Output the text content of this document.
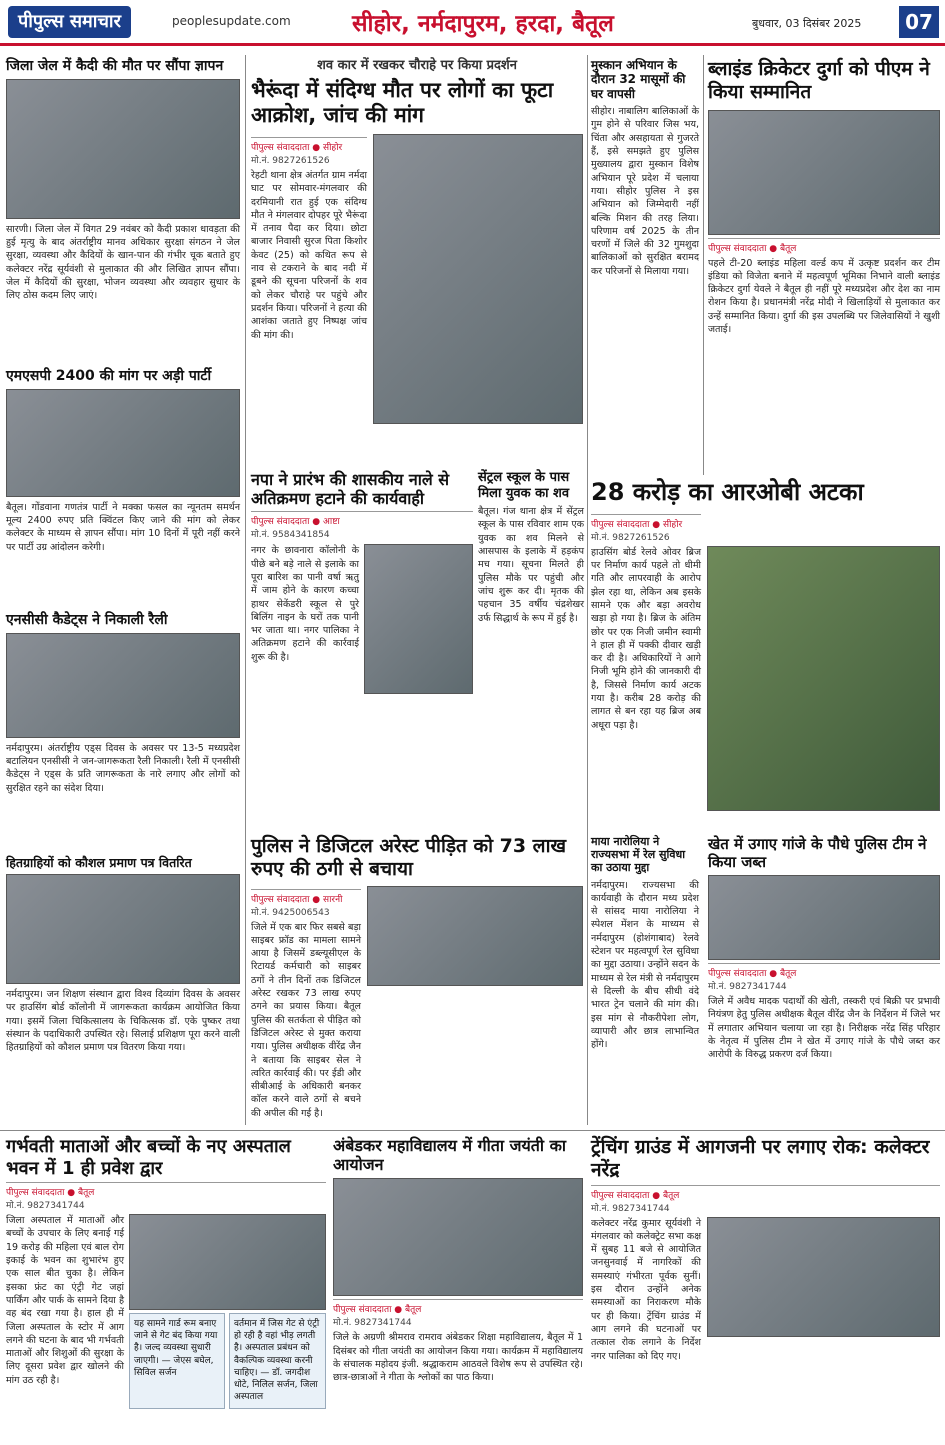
पीपुल्स समाचार	peoplesupdate.com	सीहोर, नर्मदापुरम, हरदा, बैतूल	बुधवार, 03 दिसंबर 2025	07
जिला जेल में कैदी की मौत पर सौंपा ज्ञापन
सारणी। जिला जेल में विगत 29 नवंबर को कैदी प्रकाश धावड़ता की हुई मृत्यु के बाद अंतर्राष्ट्रीय मानव अधिकार सुरक्षा संगठन ने जेल सुरक्षा, व्यवस्था और कैदियों के खान-पान की गंभीर चूक बताते हुए कलेक्टर नरेंद्र सूर्यवंशी से मुलाकात की और लिखित ज्ञापन सौंपा। जेल में कैदियों की सुरक्षा, भोजन व्यवस्था और व्यवहार सुधार के लिए ठोस कदम लिए जाएं।
एमएसपी 2400 की मांग पर अड़ी पार्टी
बैतूल। गोंडवाना गणतंत्र पार्टी ने मक्का फसल का न्यूनतम समर्थन मूल्य 2400 रुपए प्रति क्विंटल किए जाने की मांग को लेकर कलेक्टर के माध्यम से ज्ञापन सौंपा। मांग 10 दिनों में पूरी नहीं करने पर पार्टी उग्र आंदोलन करेगी।
एनसीसी कैडेट्स ने निकाली रैली
नर्मदापुरम। अंतर्राष्ट्रीय एड्स दिवस के अवसर पर 13-5 मध्यप्रदेश बटालियन एनसीसी ने जन-जागरूकता रैली निकाली। रैली में एनसीसी कैडेट्स ने एड्स के प्रति जागरूकता के नारे लगाए और लोगों को सुरक्षित रहने का संदेश दिया।
हितग्राहियों को कौशल प्रमाण पत्र वितरित
नर्मदापुरम। जन शिक्षण संस्थान द्वारा विश्व दिव्यांग दिवस के अवसर पर हाउसिंग बोर्ड कॉलोनी में जागरूकता कार्यक्रम आयोजित किया गया। इसमें जिला चिकित्सालय के चिकित्सक डॉ. एके पुष्कर तथा संस्थान के पदाधिकारी उपस्थित रहे। सिलाई प्रशिक्षण पूरा करने वाली हितग्राहियों को कौशल प्रमाण पत्र वितरण किया गया।
शव कार में रखकर चौराहे पर किया प्रदर्शन
भैरूंदा में संदिग्ध मौत पर लोगों का फूटा आक्रोश, जांच की मांग
पीपुल्स संवाददाता ● सीहोर
मो.नं. 9827261526
रेहटी थाना क्षेत्र अंतर्गत ग्राम नर्मदा घाट पर सोमवार-मंगलवार की दरमियानी रात हुई एक संदिग्ध मौत ने मंगलवार दोपहर पूरे भैरूंदा में तनाव पैदा कर दिया। छोटा बाजार निवासी सुरज पिता किशोर केवट (25) को कथित रूप से नाव से टकराने के बाद नदी में डूबने की सूचना परिजनों के शव को लेकर चौराहे पर पहुंचे और प्रदर्शन किया। परिजनों ने हत्या की आशंका जताते हुए निष्पक्ष जांच की मांग की।
नपा ने प्रारंभ की शासकीय नाले से अतिक्रमण हटाने की कार्यवाही
पीपुल्स संवाददाता ● आष्टा
मो.नं. 9584341854
नगर के छावनारा कॉलोनी के पीछे बने बड़े नाले से इलाके का पूरा बारिश का पानी वर्षा ऋतु में जाम होने के कारण कच्चा हाथर सेकेंडरी स्कूल से पुरे बिलिंग नाइन के घरों तक पानी भर जाता था। नगर पालिका ने अतिक्रमण हटाने की कार्रवाई शुरू की है।
सेंट्रल स्कूल के पास मिला युवक का शव
बैतूल। गंज थाना क्षेत्र में सेंट्रल स्कूल के पास रविवार शाम एक युवक का शव मिलने से आसपास के इलाके में हड़कंप मच गया। सूचना मिलते ही पुलिस मौके पर पहुंची और जांच शुरू कर दी। मृतक की पहचान 35 वर्षीय चंद्रशेखर उर्फ सिद्धार्थ के रूप में हुई है।
मुस्कान अभियान के दौरान 32 मासूमों की घर वापसी
सीहोर। नाबालिग बालिकाओं के गुम होने से परिवार जिस भय, चिंता और असहायता से गुजरते हैं, इसे समझते हुए पुलिस मुख्यालय द्वारा मुस्कान विशेष अभियान पूरे प्रदेश में चलाया गया। सीहोर पुलिस ने इस अभियान को जिम्मेदारी नहीं बल्कि मिशन की तरह लिया। परिणाम वर्ष 2025 के तीन चरणों में जिले की 32 गुमशुदा बालिकाओं को सुरक्षित बरामद कर परिजनों से मिलाया गया।
ब्लाइंड क्रिकेटर दुर्गा को पीएम ने किया सम्मानित
पीपुल्स संवाददाता ● बैतूल
पहले टी-20 ब्लाइंड महिला वर्ल्ड कप में उत्कृष्ट प्रदर्शन कर टीम इंडिया को विजेता बनाने में महत्वपूर्ण भूमिका निभाने वाली ब्लाइंड क्रिकेटर दुर्गा येवले ने बैतूल ही नहीं पूरे मध्यप्रदेश और देश का नाम रोशन किया है। प्रधानमंत्री नरेंद्र मोदी ने खिलाड़ियों से मुलाकात कर उन्हें सम्मानित किया। दुर्गा की इस उपलब्धि पर जिलेवासियों ने खुशी जताई।
28 करोड़ का आरओबी अटका
पीपुल्स संवाददाता ● सीहोर
मो.नं. 9827261526
हाउसिंग बोर्ड रेलवे ओवर ब्रिज पर निर्माण कार्य पहले तो धीमी गति और लापरवाही के आरोप झेल रहा था, लेकिन अब इसके सामने एक और बड़ा अवरोध खड़ा हो गया है। ब्रिज के अंतिम छोर पर एक निजी जमीन स्वामी ने हाल ही में पक्की दीवार खड़ी कर दी है। अधिकारियों ने आगे निजी भूमि होने की जानकारी दी है, जिससे निर्माण कार्य अटक गया है। करीब 28 करोड़ की लागत से बन रहा यह ब्रिज अब अधूरा पड़ा है।
पुलिस ने डिजिटल अरेस्ट पीड़ित को 73 लाख रुपए की ठगी से बचाया
पीपुल्स संवाददाता ● सारनी
मो.नं. 9425006543
जिले में एक बार फिर सबसे बड़ा साइबर फ्रॉड का मामला सामने आया है जिसमें डब्ल्यूसीएल के रिटायर्ड कर्मचारी को साइबर ठगों ने तीन दिनों तक डिजिटल अरेस्ट रखकर 73 लाख रुपए ठगने का प्रयास किया। बैतूल पुलिस की सतर्कता से पीड़ित को डिजिटल अरेस्ट से मुक्त कराया गया। पुलिस अधीक्षक वीरेंद्र जैन ने बताया कि साइबर सेल ने त्वरित कार्रवाई की। पर ईडी और सीबीआई के अधिकारी बनकर कॉल करने वाले ठगों से बचने की अपील की गई है।
माया नारोलिया ने राज्यसभा में रेल सुविधा का उठाया मुद्दा
नर्मदापुरम। राज्यसभा की कार्यवाही के दौरान मध्य प्रदेश से सांसद माया नारोलिया ने स्पेशल मेंशन के माध्यम से नर्मदापुरम (होशंगाबाद) रेलवे स्टेशन पर महत्वपूर्ण रेल सुविधा का मुद्दा उठाया। उन्होंने सदन के माध्यम से रेल मंत्री से नर्मदापुरम से दिल्ली के बीच सीधी वंदे भारत ट्रेन चलाने की मांग की। इस मांग से नौकरीपेशा लोग, व्यापारी और छात्र लाभान्वित होंगे।
खेत में उगाए गांजे के पौधे पुलिस टीम ने किया जब्त
पीपुल्स संवाददाता ● बैतूल
मो.नं. 9827341744
जिले में अवैध मादक पदार्थों की खेती, तस्करी एवं बिक्री पर प्रभावी नियंत्रण हेतु पुलिस अधीक्षक बैतूल वीरेंद्र जैन के निर्देशन में जिले भर में लगातार अभियान चलाया जा रहा है। निरीक्षक नरेंद्र सिंह परिहार के नेतृत्व में पुलिस टीम ने खेत में उगाए गांजे के पौधे जब्त कर आरोपी के विरुद्ध प्रकरण दर्ज किया।
गर्भवती माताओं और बच्चों के नए अस्पताल भवन में 1 ही प्रवेश द्वार
पीपुल्स संवाददाता ● बैतूल
मो.नं. 9827341744
जिला अस्पताल में माताओं और बच्चों के उपचार के लिए बनाई गई 19 करोड़ की महिला एवं बाल रोग इकाई के भवन का शुभारंभ हुए एक साल बीत चुका है। लेकिन इसका फ्रंट का एंट्री गेट जहां पार्किंग और पार्क के सामने दिया है वह बंद रखा गया है। हाल ही में जिला अस्पताल के स्टोर में आग लगने की घटना के बाद भी गर्भवती माताओं और शिशुओं की सुरक्षा के लिए दूसरा प्रवेश द्वार खोलने की मांग उठ रही है।
यह सामने गार्ड रूम बनाए जाने से गेट बंद किया गया है। जल्द व्यवस्था सुधारी जाएगी। — जेएस बघेल, सिविल सर्जन
वर्तमान में जिस गेट से एंट्री हो रही है वहां भीड़ लगती है। अस्पताल प्रबंधन को वैकल्पिक व्यवस्था करनी चाहिए। — डॉ. जगदीश धोटे, निलिल सर्जन, जिला अस्पताल
अंबेडकर महाविद्यालय में गीता जयंती का आयोजन
पीपुल्स संवाददाता ● बैतूल
मो.नं. 9827341744
जिले के अग्रणी श्रीमराव रामराव अंबेडकर शिक्षा महाविद्यालय, बैतूल में 1 दिसंबर को गीता जयंती का आयोजन किया गया। कार्यक्रम में महाविद्यालय के संचालक महोदय इंजी. श्रद्धाकराम आठवले विशेष रूप से उपस्थित रहे। छात्र-छात्राओं ने गीता के श्लोकों का पाठ किया।
ट्रेंचिंग ग्राउंड में आगजनी पर लगाए रोक: कलेक्टर नरेंद्र
पीपुल्स संवाददाता ● बैतूल
मो.नं. 9827341744
कलेक्टर नरेंद्र कुमार सूर्यवंशी ने मंगलवार को कलेक्ट्रेट सभा कक्ष में सुबह 11 बजे से आयोजित जनसुनवाई में नागरिकों की समस्याएं गंभीरता पूर्वक सुनीं। इस दौरान उन्होंने अनेक समस्याओं का निराकरण मौके पर ही किया। ट्रेंचिंग ग्राउंड में आग लगने की घटनाओं पर तत्काल रोक लगाने के निर्देश नगर पालिका को दिए गए।
